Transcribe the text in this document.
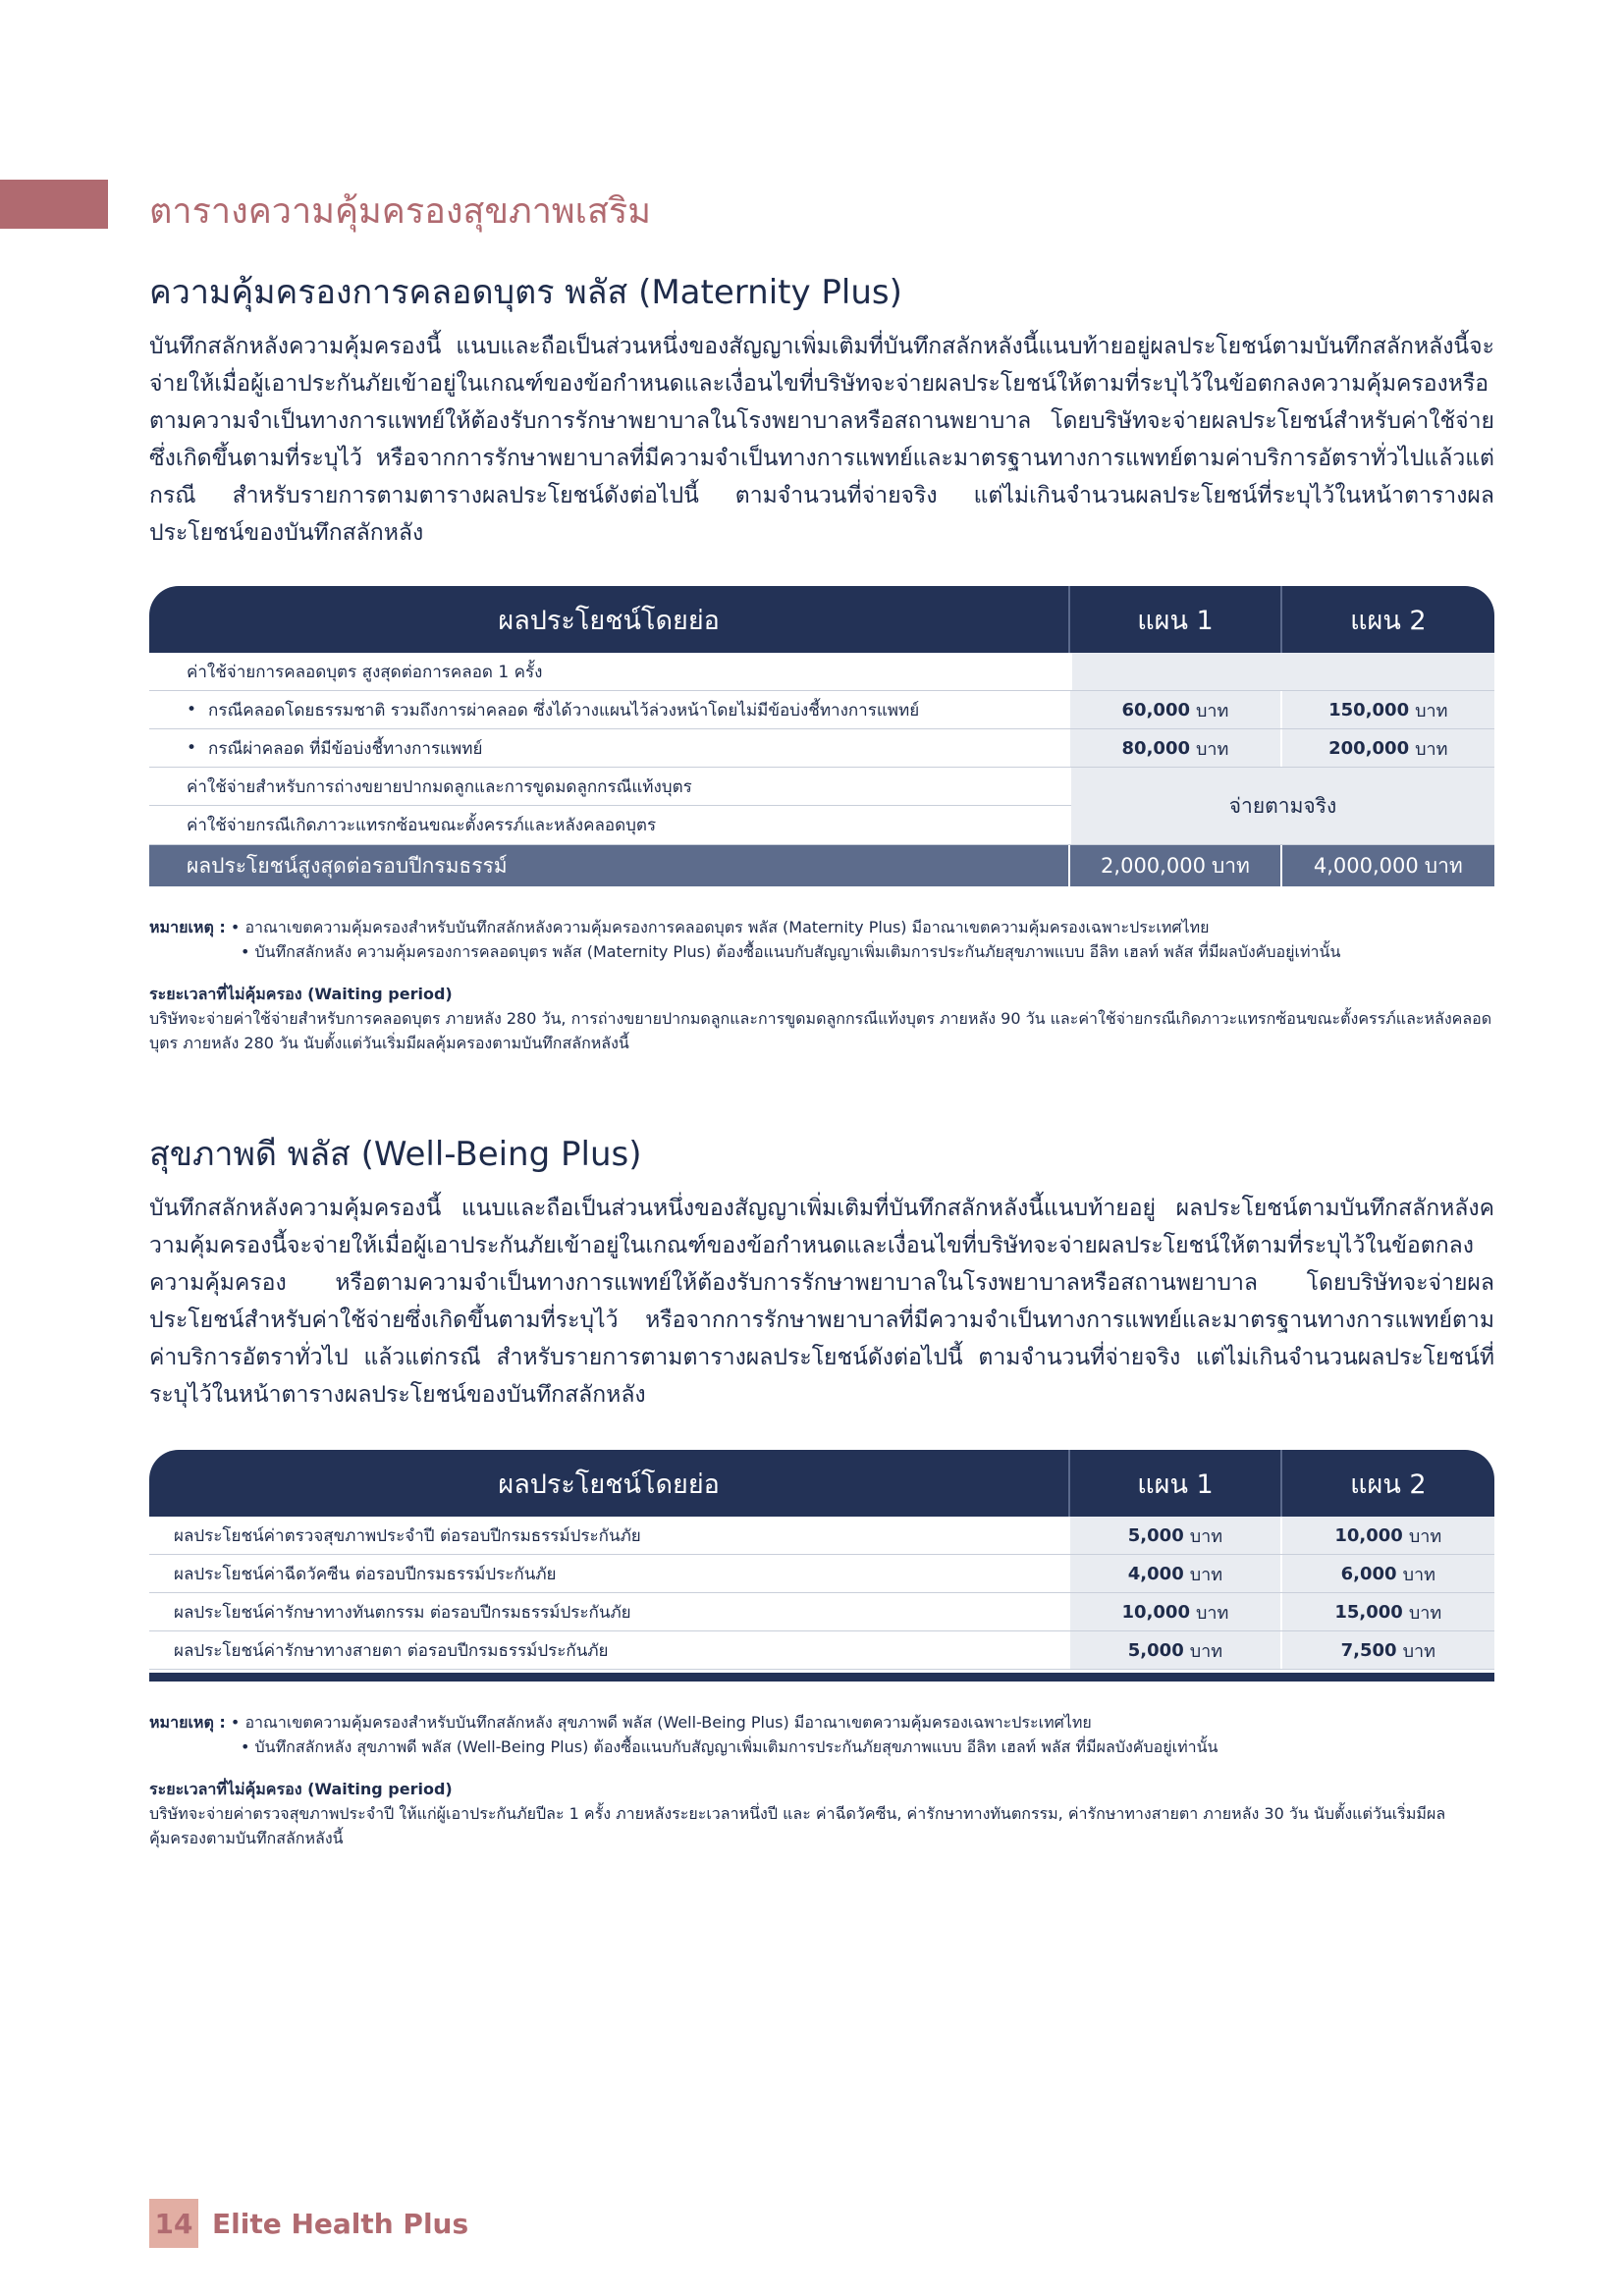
ตารางความคุ้มครองสุขภาพเสริม
ความคุ้มครองการคลอดบุตร พลัส (Maternity Plus)

บันทึกสลักหลังความคุ้มครองนี้ แนบและถือเป็นส่วนหนึ่งของสัญญาเพิ่มเติมที่บันทึกสลักหลังนี้แนบท้ายอยู่ผลประโยชน์ตามบันทึกสลักหลังนี้จะจ่ายให้เมื่อผู้เอาประกันภัยเข้าอยู่ในเกณฑ์ของข้อกำหนดและเงื่อนไขที่บริษัทจะจ่ายผลประโยชน์ให้ตามที่ระบุไว้ในข้อตกลงความคุ้มครองหรือตามความจำเป็นทางการแพทย์ให้ต้องรับการรักษาพยาบาลในโรงพยาบาลหรือสถานพยาบาล โดยบริษัทจะจ่ายผลประโยชน์สำหรับค่าใช้จ่ายซึ่งเกิดขึ้นตามที่ระบุไว้ หรือจากการรักษาพยาบาลที่มีความจำเป็นทางการแพทย์และมาตรฐานทางการแพทย์ตามค่าบริการอัตราทั่วไปแล้วแต่กรณี สำหรับรายการตามตารางผลประโยชน์ดังต่อไปนี้ ตามจำนวนที่จ่ายจริง แต่ไม่เกินจำนวนผลประโยชน์ที่ระบุไว้ในหน้าตารางผลประโยชน์ของบันทึกสลักหลัง

ผลประโยชน์โดยย่อ	แผน 1	แผน 2
ค่าใช้จ่ายการคลอดบุตร สูงสุดต่อการคลอด 1 ครั้ง
• กรณีคลอดโดยธรรมชาติ รวมถึงการผ่าคลอด ซึ่งได้วางแผนไว้ล่วงหน้าโดยไม่มีข้อบ่งชี้ทางการแพทย์	60,000 บาท	150,000 บาท
• กรณีผ่าคลอด ที่มีข้อบ่งชี้ทางการแพทย์	80,000 บาท	200,000 บาท
ค่าใช้จ่ายสำหรับการถ่างขยายปากมดลูกและการขูดมดลูกกรณีแท้งบุตร
ค่าใช้จ่ายกรณีเกิดภาวะแทรกซ้อนขณะตั้งครรภ์และหลังคลอดบุตร
จ่ายตามจริง
ผลประโยชน์สูงสุดต่อรอบปีกรมธรรม์	2,000,000 บาท	4,000,000 บาท
หมายเหตุ : • อาณาเขตความคุ้มครองสำหรับบันทึกสลักหลังความคุ้มครองการคลอดบุตร พลัส (Maternity Plus) มีอาณาเขตความคุ้มครองเฉพาะประเทศไทย
• บันทึกสลักหลัง ความคุ้มครองการคลอดบุตร พลัส (Maternity Plus) ต้องซื้อแนบกับสัญญาเพิ่มเติมการประกันภัยสุขภาพแบบ อีลิท เฮลท์ พลัส ที่มีผลบังคับอยู่เท่านั้น
ระยะเวลาที่ไม่คุ้มครอง (Waiting period)
บริษัทจะจ่ายค่าใช้จ่ายสำหรับการคลอดบุตร ภายหลัง 280 วัน, การถ่างขยายปากมดลูกและการขูดมดลูกกรณีแท้งบุตร ภายหลัง 90 วัน และค่าใช้จ่ายกรณีเกิดภาวะแทรกซ้อนขณะตั้งครรภ์และหลังคลอดบุตร ภายหลัง 280 วัน นับตั้งแต่วันเริ่มมีผลคุ้มครองตามบันทึกสลักหลังนี้
สุขภาพดี พลัส (Well-Being Plus)

บันทึกสลักหลังความคุ้มครองนี้ แนบและถือเป็นส่วนหนึ่งของสัญญาเพิ่มเติมที่บันทึกสลักหลังนี้แนบท้ายอยู่ ผลประโยชน์ตามบันทึกสลักหลังความคุ้มครองนี้จะจ่ายให้เมื่อผู้เอาประกันภัยเข้าอยู่ในเกณฑ์ของข้อกำหนดและเงื่อนไขที่บริษัทจะจ่ายผลประโยชน์ให้ตามที่ระบุไว้ในข้อตกลงความคุ้มครอง หรือตามความจำเป็นทางการแพทย์ให้ต้องรับการรักษาพยาบาลในโรงพยาบาลหรือสถานพยาบาล โดยบริษัทจะจ่ายผลประโยชน์สำหรับค่าใช้จ่ายซึ่งเกิดขึ้นตามที่ระบุไว้ หรือจากการรักษาพยาบาลที่มีความจำเป็นทางการแพทย์และมาตรฐานทางการแพทย์ตามค่าบริการอัตราทั่วไป แล้วแต่กรณี สำหรับรายการตามตารางผลประโยชน์ดังต่อไปนี้ ตามจำนวนที่จ่ายจริง แต่ไม่เกินจำนวนผลประโยชน์ที่ระบุไว้ในหน้าตารางผลประโยชน์ของบันทึกสลักหลัง

ผลประโยชน์โดยย่อ	แผน 1	แผน 2
ผลประโยชน์ค่าตรวจสุขภาพประจำปี ต่อรอบปีกรมธรรม์ประกันภัย	5,000 บาท	10,000 บาท
ผลประโยชน์ค่าฉีดวัคซีน ต่อรอบปีกรมธรรม์ประกันภัย	4,000 บาท	6,000 บาท
ผลประโยชน์ค่ารักษาทางทันตกรรม ต่อรอบปีกรมธรรม์ประกันภัย	10,000 บาท	15,000 บาท
ผลประโยชน์ค่ารักษาทางสายตา ต่อรอบปีกรมธรรม์ประกันภัย	5,000 บาท	7,500 บาท
หมายเหตุ : • อาณาเขตความคุ้มครองสำหรับบันทึกสลักหลัง สุขภาพดี พลัส (Well-Being Plus) มีอาณาเขตความคุ้มครองเฉพาะประเทศไทย
• บันทึกสลักหลัง สุขภาพดี พลัส (Well-Being Plus) ต้องซื้อแนบกับสัญญาเพิ่มเติมการประกันภัยสุขภาพแบบ อีลิท เฮลท์ พลัส ที่มีผลบังคับอยู่เท่านั้น
ระยะเวลาที่ไม่คุ้มครอง (Waiting period)
บริษัทจะจ่ายค่าตรวจสุขภาพประจำปี ให้แก่ผู้เอาประกันภัยปีละ 1 ครั้ง ภายหลังระยะเวลาหนึ่งปี และ ค่าฉีดวัคซีน, ค่ารักษาทางทันตกรรม, ค่ารักษาทางสายตา ภายหลัง 30 วัน นับตั้งแต่วันเริ่มมีผลคุ้มครองตามบันทึกสลักหลังนี้
14 Elite Health Plus
